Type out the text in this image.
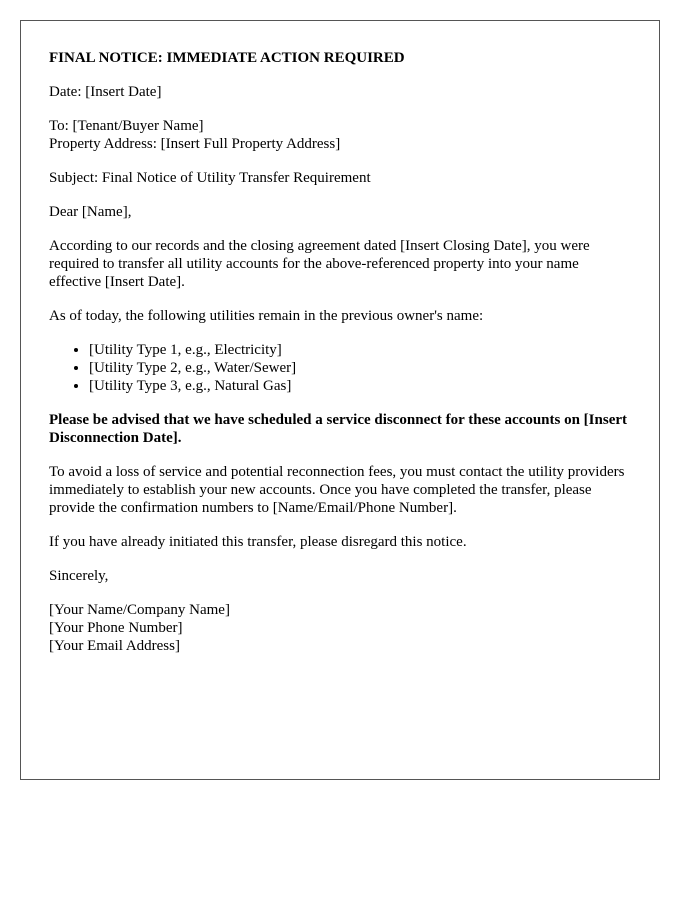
FINAL NOTICE: IMMEDIATE ACTION REQUIRED

Date: [Insert Date]

To: [Tenant/Buyer Name]
Property Address: [Insert Full Property Address]

Subject: Final Notice of Utility Transfer Requirement

Dear [Name],

According to our records and the closing agreement dated [Insert Closing Date], you were required to transfer all utility accounts for the above-referenced property into your name effective [Insert Date].

As of today, the following utilities remain in the previous owner's name:

• [Utility Type 1, e.g., Electricity]
• [Utility Type 2, e.g., Water/Sewer]
• [Utility Type 3, e.g., Natural Gas]

Please be advised that we have scheduled a service disconnect for these accounts on [Insert Disconnection Date].

To avoid a loss of service and potential reconnection fees, you must contact the utility providers immediately to establish your new accounts. Once you have completed the transfer, please provide the confirmation numbers to [Name/Email/Phone Number].

If you have already initiated this transfer, please disregard this notice.

Sincerely,

[Your Name/Company Name]

[Your Phone Number]

[Your Email Address]
